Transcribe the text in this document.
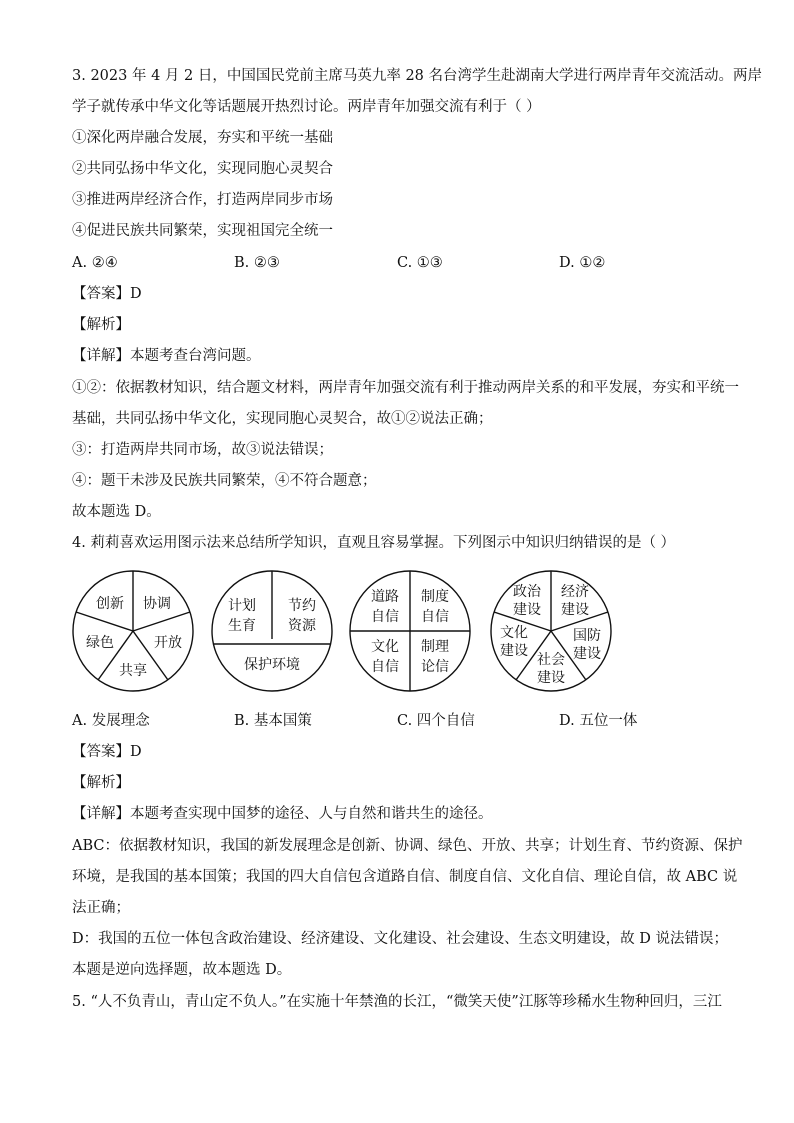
3. 2023 年 4 月 2 日，中国国民党前主席马英九率 28 名台湾学生赴湖南大学进行两岸青年交流活动。两岸
学子就传承中华文化等话题展开热烈讨论。两岸青年加强交流有利于（ ）
①深化两岸融合发展，夯实和平统一基础
②共同弘扬中华文化，实现同胞心灵契合
③推进两岸经济合作，打造两岸同步市场
④促进民族共同繁荣，实现祖国完全统一
A. ②④	B. ②③	C. ①③	D. ①②
【答案】D
【解析】
【详解】本题考查台湾问题。
①②：依据教材知识，结合题文材料，两岸青年加强交流有利于推动两岸关系的和平发展，夯实和平统一
基础，共同弘扬中华文化，实现同胞心灵契合，故①②说法正确；
③：打造两岸共同市场，故③说法错误；
④：题干未涉及民族共同繁荣，④不符合题意；
故本题选 D。
4. 莉莉喜欢运用图示法来总结所学知识，直观且容易掌握。下列图示中知识归纳错误的是（ ）
创新 协调
开放
共享
绿色
计划
生育
节约
资源
保护环境
道路
自信
制度
自信
文化
自信
制理
论信
政治
建设
经济
建设
国防
建设
社会
建设
文化
建设
A. 发展理念	B. 基本国策	C. 四个自信	D. 五位一体
【答案】D
【解析】
【详解】本题考查实现中国梦的途径、人与自然和谐共生的途径。
ABC：依据教材知识，我国的新发展理念是创新、协调、绿色、开放、共享；计划生育、节约资源、保护
环境，是我国的基本国策；我国的四大自信包含道路自信、制度自信、文化自信、理论自信，故 ABC 说
法正确；
D：我国的五位一体包含政治建设、经济建设、文化建设、社会建设、生态文明建设，故 D 说法错误；
本题是逆向选择题，故本题选 D。
5. “人不负青山，青山定不负人。”在实施十年禁渔的长江，“微笑天使”江豚等珍稀水生物种回归，三江
